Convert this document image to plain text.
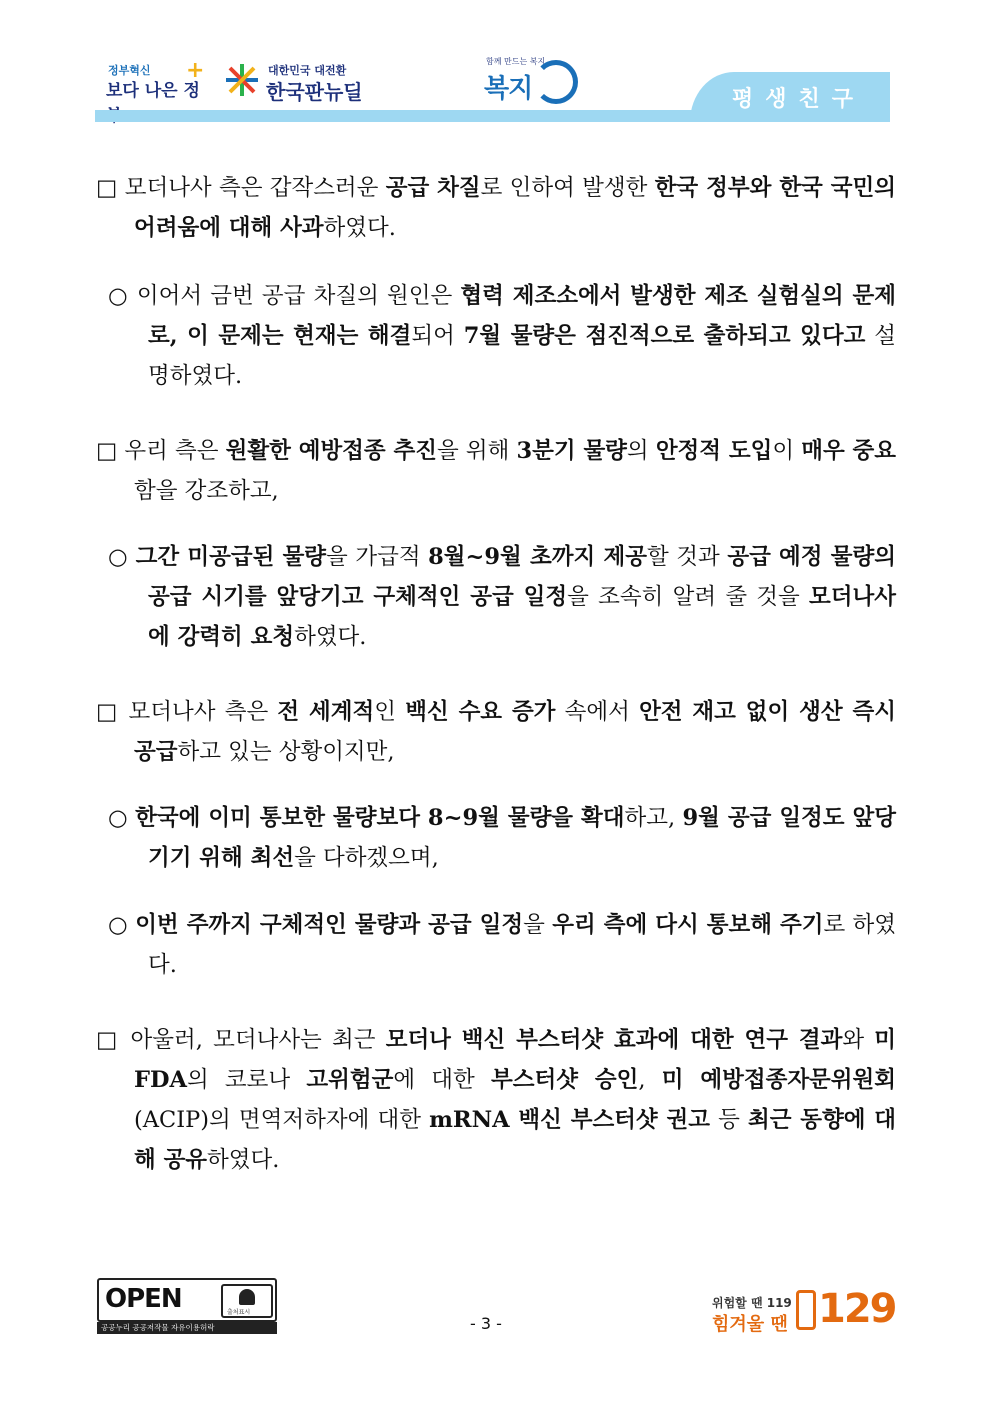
정부혁신
보다 나은 정
+	대한민국 대전환
한국판뉴딜
함께 만드는 복지
복지	평생친구
□ 모더나사 측은 갑작스러운 공급 차질로 인하여 발생한 한국 정부와 한국 국민의 어려움에 대해 사과하였다.
○ 이어서 금번 공급 차질의 원인은 협력 제조소에서 발생한 제조 실험실의 문제로, 이 문제는 현재는 해결되어 7월 물량은 점진적으로 출하되고 있다고 설명하였다.
□ 우리 측은 원활한 예방접종 추진을 위해 3분기 물량의 안정적 도입이 매우 중요함을 강조하고,
○ 그간 미공급된 물량을 가급적 8월~9월 초까지 제공할 것과 공급 예정 물량의 공급 시기를 앞당기고 구체적인 공급 일정을 조속히 알려 줄 것을 모더나사에 강력히 요청하였다.
□ 모더나사 측은 전 세계적인 백신 수요 증가 속에서 안전 재고 없이 생산 즉시 공급하고 있는 상황이지만,
○ 한국에 이미 통보한 물량보다 8~9월 물량을 확대하고, 9월 공급 일정도 앞당기기 위해 최선을 다하겠으며,
○ 이번 주까지 구체적인 물량과 공급 일정을 우리 측에 다시 통보해 주기로 하였다.
□ 아울러, 모더나사는 최근 모더나 백신 부스터샷 효과에 대한 연구 결과와 미 FDA의 코로나 고위험군에 대한 부스터샷 승인, 미 예방접종자문위원회(ACIP)의 면역저하자에 대한 mRNA 백신 부스터샷 권고 등 최근 동향에 대해 공유하였다.
OPEN	출처표시
공공누리 공공저작물 자유이용허락	- 3 -
위험할 땐 119
힘겨울 땐 129
